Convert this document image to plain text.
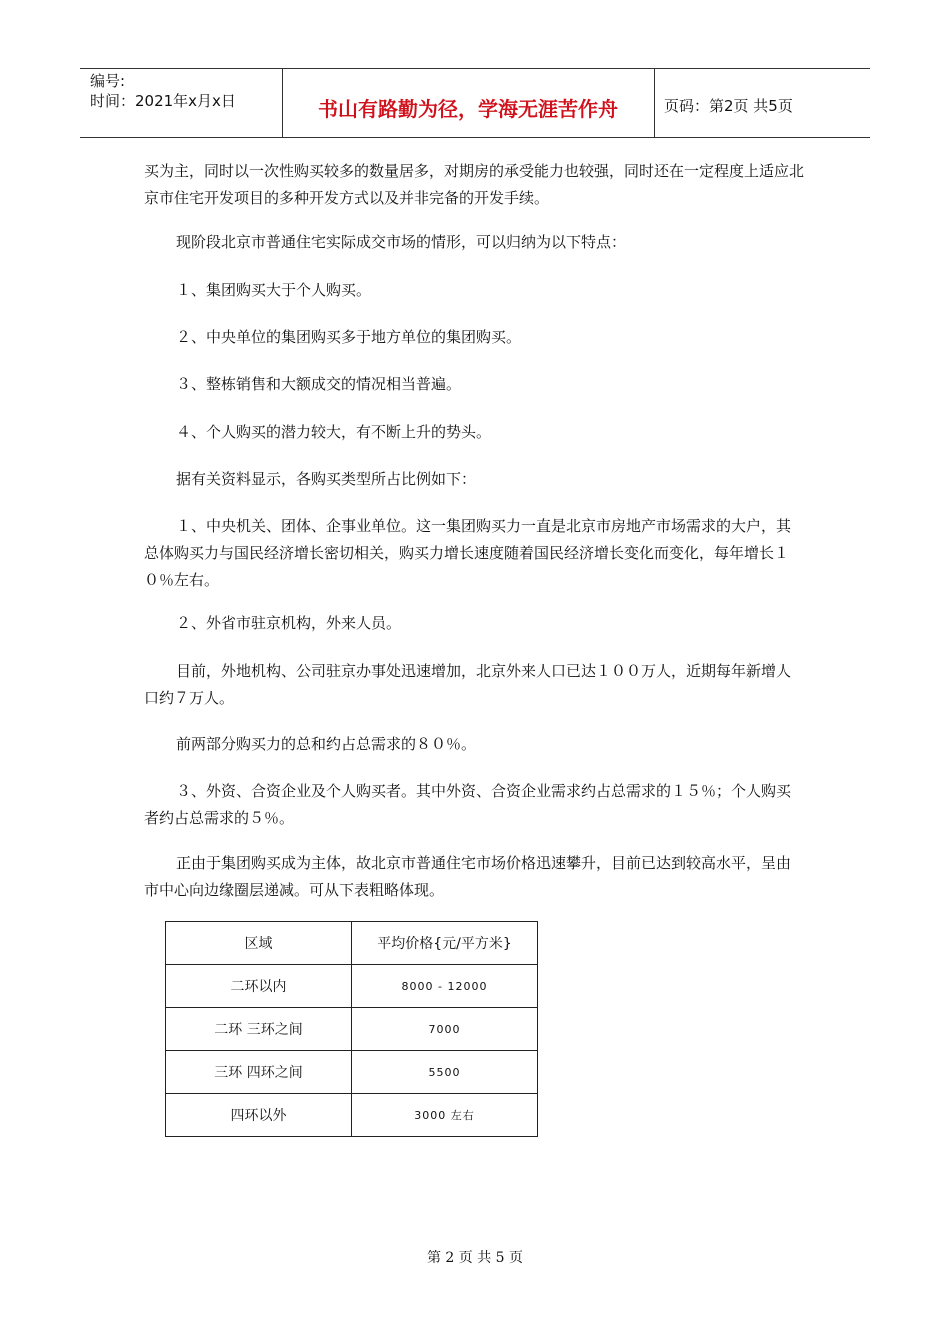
编号:
时间：2021年x月x日	书山有路勤为径，学海无涯苦作舟	页码：第2页 共5页

买为主，同时以一次性购买较多的数量居多，对期房的承受能力也较强，同时还在一定程度上适应北京市住宅开发项目的多种开发方式以及并非完备的开发手续。

现阶段北京市普通住宅实际成交市场的情形，可以归纳为以下特点：

１、集团购买大于个人购买。

２、中央单位的集团购买多于地方单位的集团购买。

３、整栋销售和大额成交的情况相当普遍。

４、个人购买的潜力较大，有不断上升的势头。

据有关资料显示，各购买类型所占比例如下：

１、中央机关、团体、企事业单位。这一集团购买力一直是北京市房地产市场需求的大户，其总体购买力与国民经济增长密切相关，购买力增长速度随着国民经济增长变化而变化，每年增长１０％左右。

２、外省市驻京机构，外来人员。

目前，外地机构、公司驻京办事处迅速增加，北京外来人口已达１００万人，近期每年新增人口约７万人。

前两部分购买力的总和约占总需求的８０％。

３、外资、合资企业及个人购买者。其中外资、合资企业需求约占总需求的１５％；个人购买者约占总需求的５％。

正由于集团购买成为主体，故北京市普通住宅市场价格迅速攀升，目前已达到较高水平，呈由市中心向边缘圈层递减。可从下表粗略体现。

区域	平均价格{元/平方米}
二环以内	8000 - 12000
二环 三环之间	7000
三环 四环之间	5500
四环以外	3000 左右
第 2 页 共 5 页
